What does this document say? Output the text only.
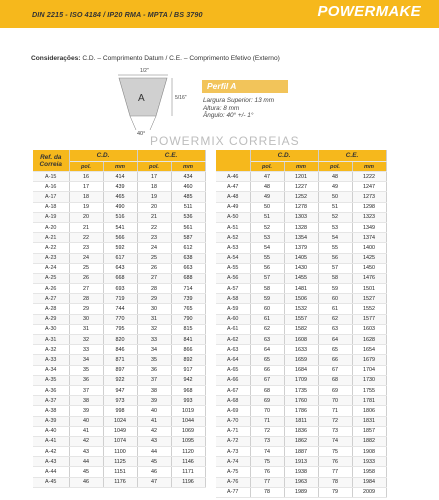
DIN 2215 - ISO 4184 / IP20 RMA - MPTA / BS 3790	POWERMAKE
Considerações: C.D. – Comprimento Datum / C.E. – Comprimento Efetivo (Externo)
1/2"
A	5/16"
40°
Perfil A
Largura Superior: 13 mm
Altura: 8 mm
Ângulo: 40° +/- 1°
POWERMIX CORREIAS
Ref. da Correia	C.D.		C.E.	
	pol.	mm	pol.	mm
A-15	16	414	17	434
A-16	17	439	18	460
A-17	18	465	19	485
A-18	19	490	20	511
A-19	20	516	21	536
A-20	21	541	22	561
A-21	22	566	23	587
A-22	23	592	24	612
A-23	24	617	25	638
A-24	25	643	26	663
A-25	26	668	27	688
A-26	27	693	28	714
A-27	28	719	29	739
A-28	29	744	30	765
A-29	30	770	31	790
A-30	31	795	32	815
A-31	32	820	33	841
A-32	33	846	34	866
A-33	34	871	35	892
A-34	35	897	36	917
A-35	36	922	37	942
A-36	37	947	38	968
A-37	38	973	39	993
A-38	39	998	40	1019
A-39	40	1024	41	1044
A-40	41	1049	42	1069
A-41	42	1074	43	1095
A-42	43	1100	44	1120
A-43	44	1125	45	1146
A-44	45	1151	46	1171
A-45	46	1176	47	1196
	C.D.		C.E.	
	pol.	mm	pol.	mm
A-46	47	1201	48	1222
A-47	48	1227	49	1247
A-48	49	1252	50	1273
A-49	50	1278	51	1298
A-50	51	1303	52	1323
A-51	52	1328	53	1349
A-52	53	1354	54	1374
A-53	54	1379	55	1400
A-54	55	1405	56	1425
A-55	56	1430	57	1450
A-56	57	1455	58	1476
A-57	58	1481	59	1501
A-58	59	1506	60	1527
A-59	60	1532	61	1552
A-60	61	1557	62	1577
A-61	62	1582	63	1603
A-62	63	1608	64	1628
A-63	64	1633	65	1654
A-64	65	1659	66	1679
A-65	66	1684	67	1704
A-66	67	1709	68	1730
A-67	68	1735	69	1755
A-68	69	1760	70	1781
A-69	70	1786	71	1806
A-70	71	1811	72	1831
A-71	72	1836	73	1857
A-72	73	1862	74	1882
A-73	74	1887	75	1908
A-74	75	1913	76	1933
A-75	76	1938	77	1958
A-76	77	1963	78	1984
A-77	78	1989	79	2009
